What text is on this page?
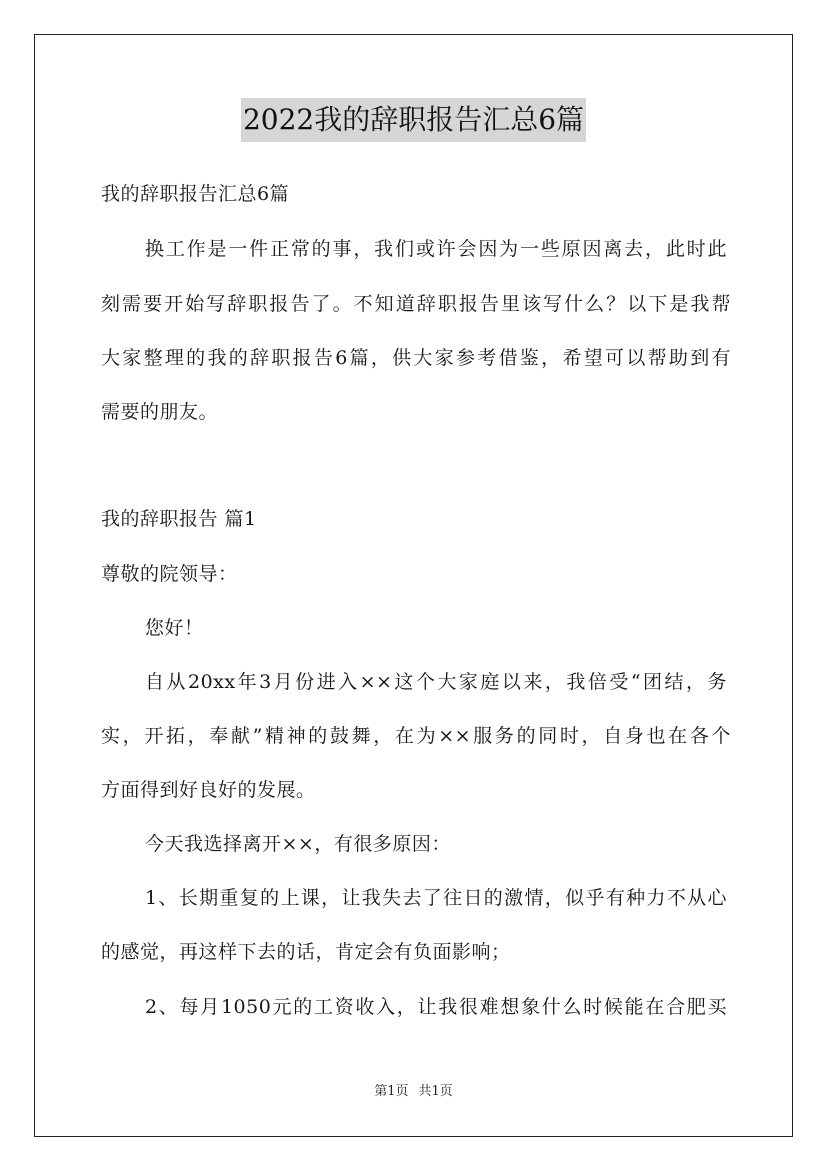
2022我的辞职报告汇总6篇
我的辞职报告汇总6篇
换工作是一件正常的事，我们或许会因为一些原因离去，此时此
刻需要开始写辞职报告了。不知道辞职报告里该写什么？以下是我帮
大家整理的我的辞职报告6篇，供大家参考借鉴，希望可以帮助到有
需要的朋友。
我的辞职报告 篇1
尊敬的院领导：
您好！
自从20xx年3月份进入××这个大家庭以来，我倍受“团结，务
实，开拓，奉献”精神的鼓舞，在为××服务的同时，自身也在各个
方面得到好良好的发展。
今天我选择离开××，有很多原因：
1、长期重复的上课，让我失去了往日的激情，似乎有种力不从心
的感觉，再这样下去的话，肯定会有负面影响；
2、每月1050元的工资收入，让我很难想象什么时候能在合肥买
第1页 共1页
